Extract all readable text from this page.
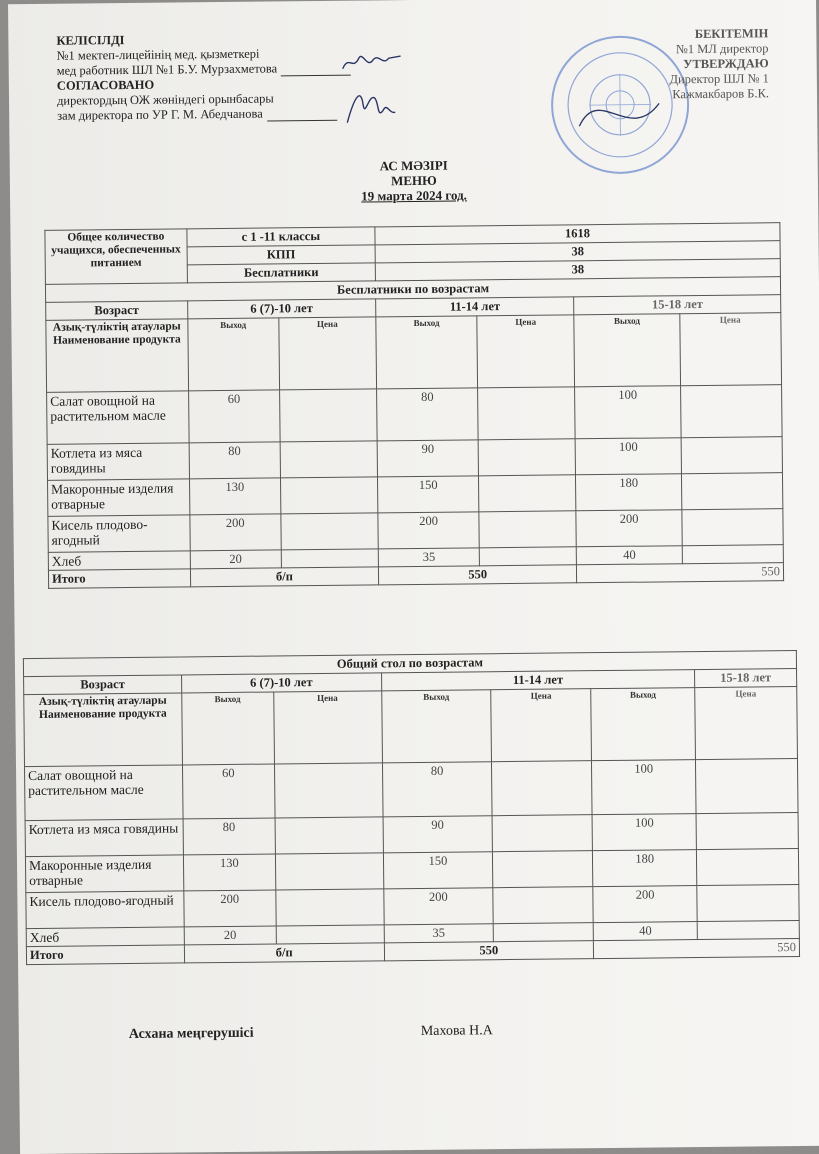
КЕЛІСІЛДІ
№1 мектеп-лицейінің мед. қызметкері
мед работник ШЛ №1 Б.У. Мурзахметова
СОГЛАСОВАНО
директордың ОЖ жөніндегі орынбасары
зам директора по УР Г. М. Абедчанова
БЕКІТЕМІН
№1 МЛ директор
УТВЕРЖДАЮ
Директор ШЛ № 1
Кажмакбаров Б.К.
АС МӘЗІРІ
МЕНЮ
19 марта 2024 год.
Общее количество учащихся, обеспеченных питанием	с 1 -11 классы		1618			
	КПП		38			
	Бесплатники		38			
Бесплатники по возрастам						
Возраст	6 (7)-10 лет		11-14 лет		15-18 лет	
Азық-түліктің атаулары Наименование продукта	Выход	Цена	Выход	Цена	Выход	Цена
Салат овощной на растительном масле	60		80		100	
Котлета из мяса говядины	80		90		100	
Макоронные изделия отварные	130		150		180	
Кисель плодово-ягодный	200		200		200	
Хлеб	20		35		40	
Итого	б/п		550		550	
Общий стол по возрастам						
Возраст	6 (7)-10 лет		11-14 лет			15-18 лет
Азық-түліктің атаулары Наименование продукта	Выход	Цена	Выход	Цена	Выход	Цена
Салат овощной на растительном масле	60		80		100	
Котлета из мяса говядины	80		90		100	
Макоронные изделия отварные	130		150		180	
Кисель плодово-ягодный	200		200		200	
Хлеб	20		35		40	
Итого	б/п		550		550	
Асхана меңгерушісі	Махова Н.А
